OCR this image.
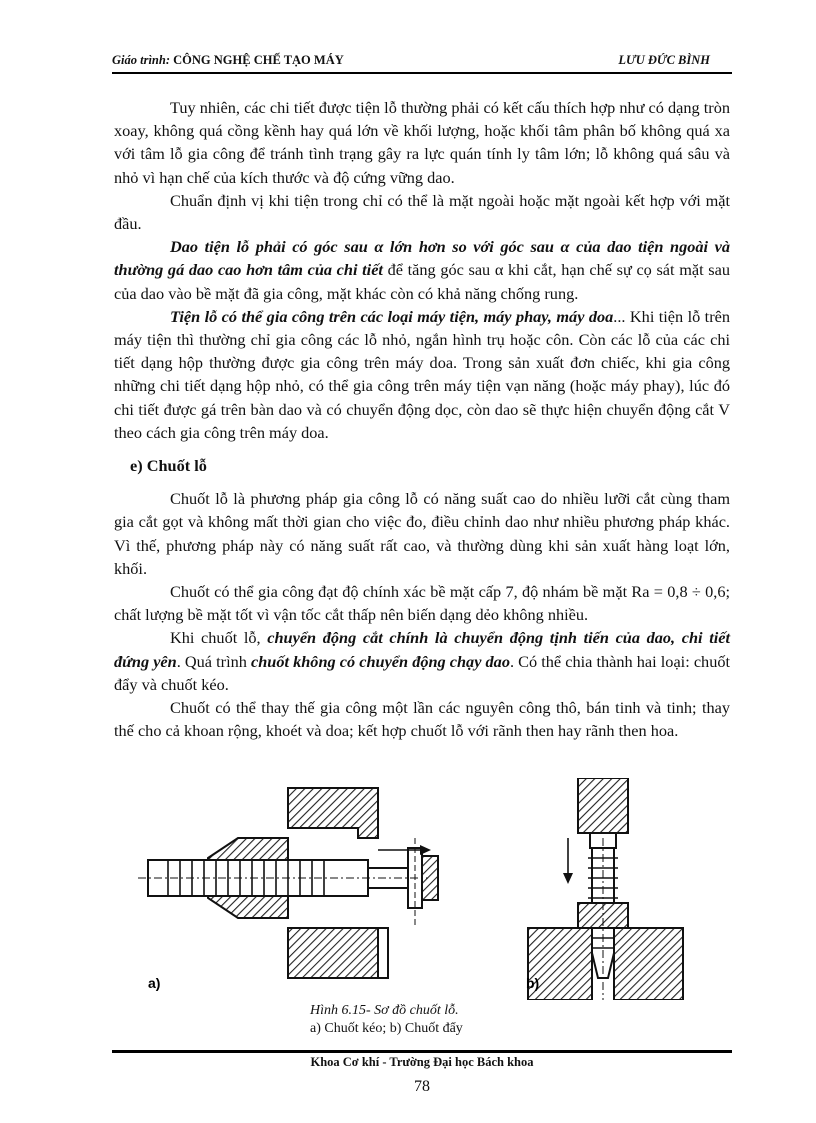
Giáo trình: CÔNG NGHỆ CHẾ TẠO MÁY	LƯU ĐỨC BÌNH

Tuy nhiên, các chi tiết được tiện lỗ thường phải có kết cấu thích hợp như có dạng tròn xoay, không quá cồng kềnh hay quá lớn về khối lượng, hoặc khối tâm phân bố không quá xa với tâm lỗ gia công để tránh tình trạng gây ra lực quán tính ly tâm lớn; lỗ không quá sâu và nhỏ vì hạn chế của kích thước và độ cứng vững dao.

Chuẩn định vị khi tiện trong chỉ có thể là mặt ngoài hoặc mặt ngoài kết hợp với mặt đầu.

Dao tiện lỗ phải có góc sau α lớn hơn so với góc sau α của dao tiện ngoài và thường gá dao cao hơn tâm của chi tiết để tăng góc sau α khi cắt, hạn chế sự cọ sát mặt sau của dao vào bề mặt đã gia công, mặt khác còn có khả năng chống rung.

Tiện lỗ có thể gia công trên các loại máy tiện, máy phay, máy doa... Khi tiện lỗ trên máy tiện thì thường chỉ gia công các lỗ nhỏ, ngắn hình trụ hoặc côn. Còn các lỗ của các chi tiết dạng hộp thường được gia công trên máy doa. Trong sản xuất đơn chiếc, khi gia công những chi tiết dạng hộp nhỏ, có thể gia công trên máy tiện vạn năng (hoặc máy phay), lúc đó chi tiết được gá trên bàn dao và có chuyển động dọc, còn dao sẽ thực hiện chuyển động cắt V theo cách gia công trên máy doa.

e) Chuốt lỗ

Chuốt lỗ là phương pháp gia công lỗ có năng suất cao do nhiều lưỡi cắt cùng tham gia cắt gọt và không mất thời gian cho việc đo, điều chỉnh dao như nhiều phương pháp khác. Vì thế, phương pháp này có năng suất rất cao, và thường dùng khi sản xuất hàng loạt lớn, khối.

Chuốt có thể gia công đạt độ chính xác bề mặt cấp 7, độ nhám bề mặt Ra = 0,8 ÷ 0,6; chất lượng bề mặt tốt vì vận tốc cắt thấp nên biến dạng dẻo không nhiều.

Khi chuốt lỗ, chuyển động cắt chính là chuyển động tịnh tiến của dao, chi tiết đứng yên. Quá trình chuốt không có chuyển động chạy dao. Có thể chia thành hai loại: chuốt đẩy và chuốt kéo.

Chuốt có thể thay thế gia công một lần các nguyên công thô, bán tinh và tinh; thay thế cho cả khoan rộng, khoét và doa; kết hợp chuốt lỗ với rãnh then hay rãnh then hoa.

a)	b)
Hình 6.15- Sơ đồ chuốt lỗ.
a) Chuốt kéo; b) Chuốt đẩy
Khoa Cơ khí - Trường Đại học Bách khoa
78
